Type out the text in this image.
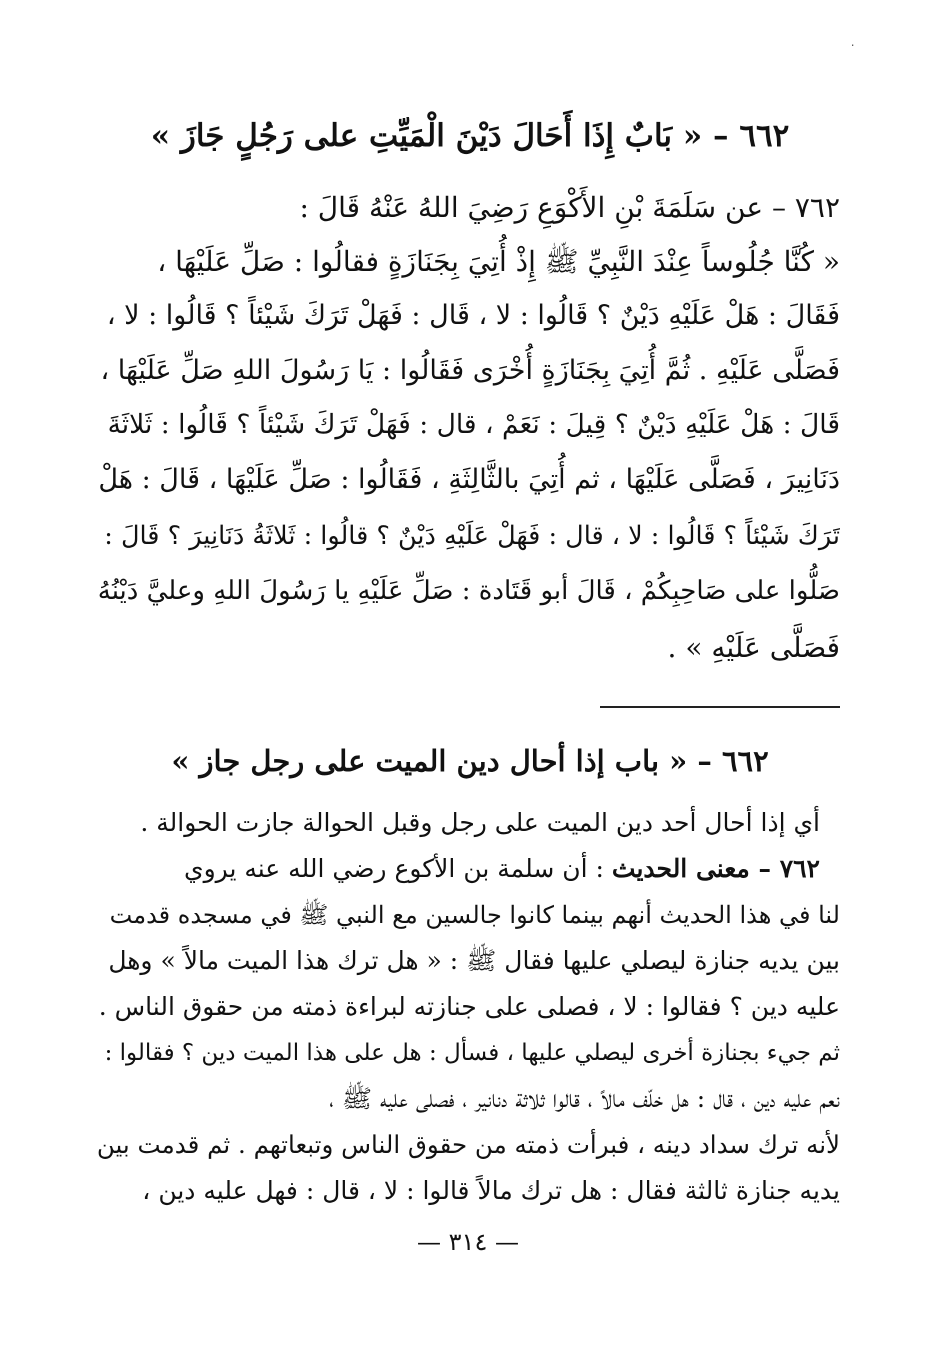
٠
٦٦٢ – « بَابٌ إِذَا أَحَالَ دَيْنَ الْمَيِّتِ على رَجُلٍ جَازَ »
٧٦٢ – عن سَلَمَةَ بْنِ الأَكْوَعِ رَضِيَ اللهُ عَنْهُ قَالَ :
« كُنَّا جُلُوساً عِنْدَ النَّبِيِّ ﷺ إِذْ أُتِيَ بِجَنَازَةٍ فقالُوا : صَلِّ عَلَيْهَا ،
فَقَالَ : هَلْ عَلَيْهِ دَيْنٌ ؟ قَالُوا : لا ، قَال : فَهَلْ تَرَكَ شَيْئاً ؟ قَالُوا : لا ،
فَصَلَّى عَلَيْهِ . ثُمَّ أُتِيَ بِجَنَازَةٍ أُخْرَى فَقَالُوا : يَا رَسُولَ اللهِ صَلِّ عَلَيْهَا ،
قَالَ : هَلْ عَلَيْهِ دَيْنٌ ؟ قِيلَ : نَعَمْ ، قال : فَهَلْ تَرَكَ شَيْئاً ؟ قَالُوا : ثَلاثَةَ
دَنَانِيرَ ، فَصَلَّى عَلَيْهَا ، ثم أُتِيَ بالثَّالِثَةِ ، فَقَالُوا : صَلِّ عَلَيْهَا ، قَالَ : هَلْ
تَرَكَ شَيْئاً ؟ قَالُوا : لا ، قال : فَهَلْ عَلَيْهِ دَيْنٌ ؟ قالُوا : ثَلاثَةُ دَنَانِيرَ ؟ قَالَ :
صَلُّوا على صَاحِبِكُمْ ، قَالَ أبو قَتَادة : صَلِّ عَلَيْهِ يا رَسُولَ اللهِ وعليَّ دَيْنُهُ
فَصَلَّى عَلَيْهِ » .
٦٦٢ – « باب إذا أحال دين الميت على رجل جاز »
أي إذا أحال أحد دين الميت على رجل وقبل الحوالة جازت الحوالة .
٧٦٢ – معنى الحديث : أن سلمة بن الأكوع رضي الله عنه يروي
لنا في هذا الحديث أنهم بينما كانوا جالسين مع النبي ﷺ في مسجده قدمت
بين يديه جنازة ليصلي عليها فقال ﷺ : « هل ترك هذا الميت مالاً » وهل
عليه دين ؟ فقالوا : لا ، فصلى على جنازته لبراءة ذمته من حقوق الناس .
ثم جيء بجنازة أخرى ليصلي عليها ، فسأل : هل على هذا الميت دين ؟ فقالوا :
نعم عليه دين ، قال : هل خلّف مالاً ، قالوا ثلاثة دنانير ، فصلى عليه ﷺ ،
لأنه ترك سداد دينه ، فبرأت ذمته من حقوق الناس وتبعاتهم . ثم قدمت بين
يديه جنازة ثالثة فقال : هل ترك مالاً قالوا : لا ، قال : فهل عليه دين ،
— ٣١٤ —
